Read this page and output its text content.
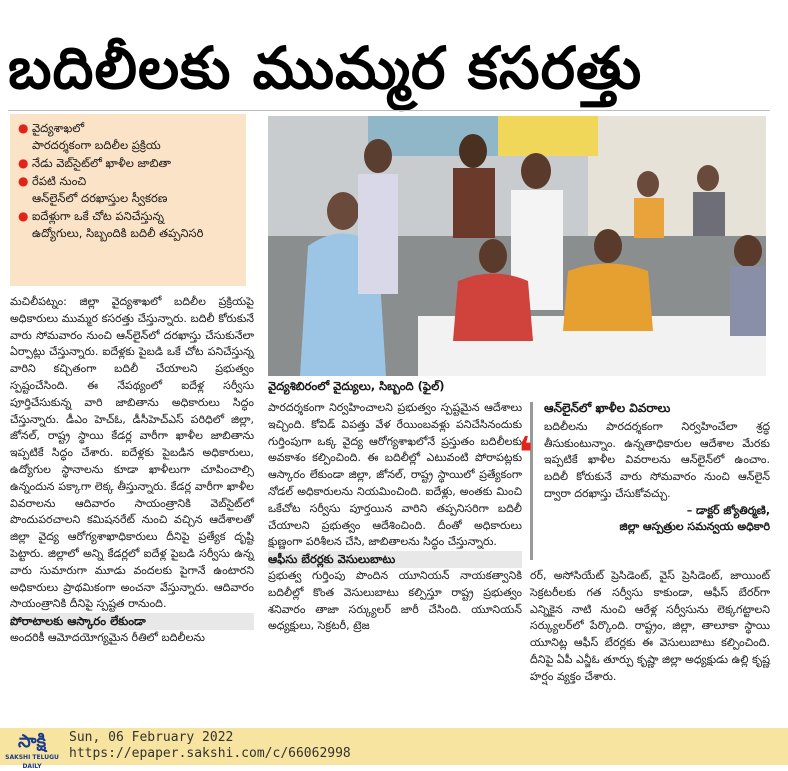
బదిలీలకు ముమ్మర కసరత్తు
● వైద్యశాఖలో
పారదర్శకంగా బదిలీల ప్రక్రియ
● నేడు వెబ్‌సైట్‌లో ఖాళీల జాబితా
● రేపటి నుంచి
ఆన్‌లైన్‌లో దరఖాస్తుల స్వీకరణ
● ఐదేళ్లుగా ఒకే చోట పనిచేస్తున్న
ఉద్యోగులు, సిబ్బందికి బదిలీ తప్పనిసరి
వైద్యశిబిరంలో వైద్యులు, సిబ్బంది (ఫైల్‌)
మచిలీపట్నం: జిల్లా వైద్యశాఖలో బదిలీల ప్రక్రియపై అధికారులు ముమ్మర కసరత్తు చేస్తున్నారు. బదిలీ కోరుకునే వారు సోమవారం నుంచి ఆన్‌లైన్‌లో దరఖాస్తు చేసుకునేలా ఏర్పాట్లు చేస్తున్నారు. ఐదేళ్లకు పైబడి ఒకే చోట పనిచేస్తున్న వారిని కచ్చితంగా బదిలీ చేయాలని ప్రభుత్వం స్పష్టంచేసింది. ఈ నేపథ్యంలో ఐదేళ్ల సర్వీసు పూర్తిచేసుకున్న వారి జాబితాను అధికారులు సిద్ధం చేస్తున్నారు. డీఎం హెచ్‌ఓ, డీసీహెచ్‌ఎస్‌ పరిధిలో జిల్లా, జోనల్‌, రాష్ట్ర స్థాయి కేడర్ల వారీగా ఖాళీల జాబితాను ఇప్పటికే సిద్ధం చేశారు. ఐదేళ్లకు పైబడిన అధికారులు, ఉద్యోగుల స్థానాలను కూడా ఖాళీలుగా చూపించాల్సి ఉన్నందున పక్కాగా లెక్క తీస్తున్నారు. కేడర్ల వారీగా ఖాళీల వివరాలను ఆదివారం సాయంత్రానికి వెబ్‌సైట్‌లో పొందుపరచాలని కమిషనరేట్‌ నుంచి వచ్చిన ఆదేశాలతో జిల్లా వైద్య ఆరోగ్యశాఖాధికారులు దీనిపై ప్రత్యేక దృష్టి పెట్టారు. జిల్లాలో అన్ని కేడర్లలో ఐదేళ్ల పైబడి సర్వీసు ఉన్న వారు సుమారుగా మూడు వందలకు పైగానే ఉంటారని అధికారులు ప్రాథమికంగా అంచనా వేస్తున్నారు. ఆదివారం సాయంత్రానికి దీనిపై స్పష్టత రానుంది.
పోరాటాలకు ఆస్కారం లేకుండా
అందరికీ ఆమోదయోగ్యమైన రీతిలో బదిలీలను
పారదర్శకంగా నిర్వహించాలని ప్రభుత్వం స్పష్టమైన ఆదేశాలు ఇచ్చింది. కోవిడ్‌ విపత్తు వేళ రేయింబవళ్లు పనిచేసినందుకు గుర్తింపుగా ఒక్క వైద్య ఆరోగ్యశాఖలోనే ప్రస్తుతం బదిలీలకు అవకాశం కల్పించింది. ఈ బదిలీల్లో ఎటువంటి పోరాపట్లకు ఆస్కారం లేకుండా జిల్లా, జోనల్‌, రాష్ట్ర స్థాయిలో ప్రత్యేకంగా నోడల్‌ అధికారులను నియమించింది. ఐదేళ్లు, అంతకు మించి ఒకేచోట సర్వీసు పూర్తయిన వారిని తప్పనిసరిగా బదిలీ చేయాలని ప్రభుత్వం ఆదేశించింది. దీంతో అధికారులు క్షుణ్ణంగా పరిశీలన చేసి, జాబితాలను సిద్ధం చేస్తున్నారు.
ఆఫీసు బేరర్లకు వెసులుబాటు
ప్రభుత్వ గుర్తింపు పొందిన యూనియన్‌ నాయకత్వానికి బదిలీల్లో కొంత వెసులుబాటు కల్పిస్తూ రాష్ట్ర ప్రభుత్వం శనివారం తాజా సర్క్యులర్‌ జారీ చేసింది. యూనియన్‌ అధ్యక్షులు, సెక్రటరీ, ట్రెజ
❛
ఆన్‌లైన్‌లో ఖాళీల వివరాలు
బదిలీలను పారదర్శకంగా నిర్వహించేలా శ్రద్ధ తీసుకుంటున్నాం. ఉన్నతాధికారుల ఆదేశాల మేరకు ఇప్పటికే ఖాళీల వివరాలను ఆన్‌లైన్‌లో ఉంచాం. బదిలీ కోరుకునే వారు సోమవారం నుంచి ఆన్‌లైన్‌ ద్వారా దరఖాస్తు చేసుకోవచ్చు.
– డాక్టర్‌ జ్యోతిర్మణి,
జిల్లా ఆస్పత్రుల సమన్వయ అధికారి
రర్‌, అసోసియేట్‌ ప్రెసిడెంట్‌, వైస్‌ ప్రెసిడెంట్‌, జాయింట్‌ సెక్రటరీలకు గత సర్వీసు కాకుండా, ఆఫీస్‌ బేరర్‌గా ఎన్నికైన నాటి నుంచి ఆరేళ్ల సర్వీసును లెక్కగట్టాలని సర్క్యులర్‌లో పేర్కొంది. రాష్ట్రం, జిల్లా, తాలూకా స్థాయి యూనిట్ల ఆఫీస్‌ బేరర్లకు ఈ వెసులుబాటు కల్పించింది. దీనిపై ఏపీ ఎన్జీఓ తూర్పు కృష్ణా జిల్లా అధ్యక్షుడు ఉల్లి కృష్ణ హర్షం వ్యక్తం చేశారు.
సాక్షి
SAKSHI TELUGU DAILY
Sun, 06 February 2022
https://epaper.sakshi.com/c/66062998
